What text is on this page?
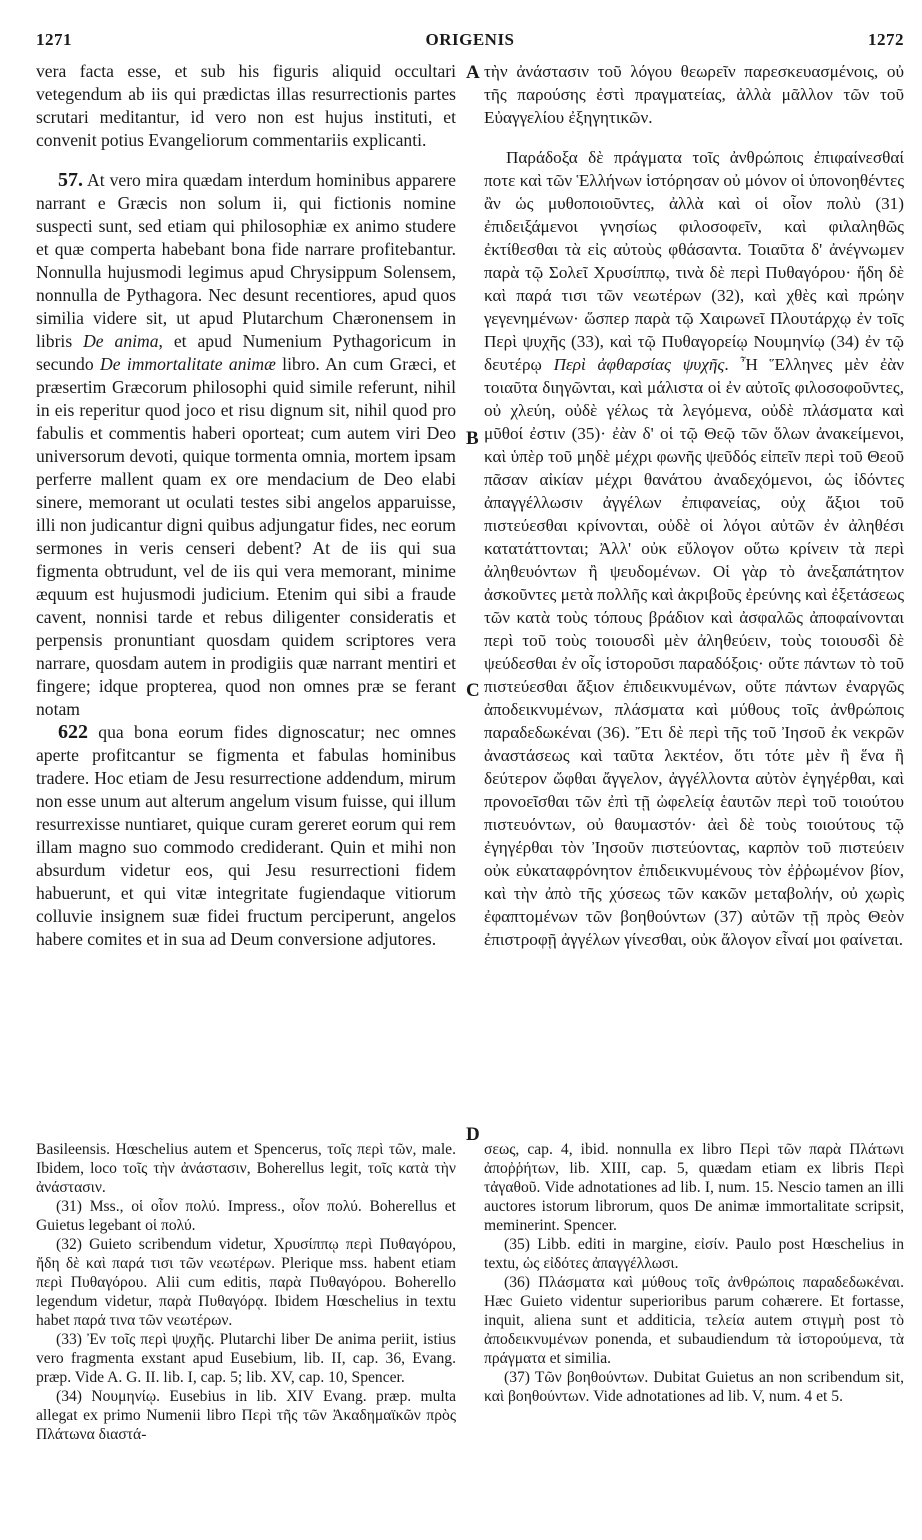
1271	ORIGENIS	1272

vera facta esse, et sub his figuris aliquid occultari vetegendum ab iis qui prædictas illas resurrectionis partes scrutari meditantur, id vero non est hujus instituti, et convenit potius Evangeliorum commentariis explicanti.

57. At vero mira quædam interdum hominibus apparere narrant e Græcis non solum ii, qui fictionis nomine suspecti sunt, sed etiam qui philosophiæ ex animo studere et quæ comperta habebant bona fide narrare profitebantur. Nonnulla hujusmodi legimus apud Chrysippum Solensem, nonnulla de Pythagora. Nec desunt recentiores, apud quos similia videre sit, ut apud Plutarchum Chæronensem in libris De anima, et apud Numenium Pythagoricum in secundo De immortalitate animæ libro. An cum Græci, et præsertim Græcorum philosophi quid simile referunt, nihil in eis reperitur quod joco et risu dignum sit, nihil quod pro fabulis et commentis haberi oporteat; cum autem viri Deo universorum devoti, quique tormenta omnia, mortem ipsam perferre mallent quam ex ore mendacium de Deo elabi sinere, memorant ut oculati testes sibi angelos apparuisse, illi non judicantur digni quibus adjungatur fides, nec eorum sermones in veris censeri debent? At de iis qui sua figmenta obtrudunt, vel de iis qui vera memorant, minime æquum est hujusmodi judicium. Etenim qui sibi a fraude cavent, nonnisi tarde et rebus diligenter consideratis et perpensis pronuntiant quosdam quidem scriptores vera narrare, quosdam autem in prodigiis quæ narrant mentiri et fingere; idque propterea, quod non omnes præ se ferant notam

622 qua bona eorum fides dignoscatur; nec omnes aperte profitcantur se figmenta et fabulas hominibus tradere. Hoc etiam de Jesu resurrectione addendum, mirum non esse unum aut alterum angelum visum fuisse, qui illum resurrexisse nuntiaret, quique curam gereret eorum qui rem illam magno suo commodo crediderant. Quin et mihi non absurdum videtur eos, qui Jesu resurrectioni fidem habuerunt, et qui vitæ integritate fugiendaque vitiorum colluvie insignem suæ fidei fructum perciperunt, angelos habere comites et in sua ad Deum conversione adjutores.

A
B
C
D

τὴν ἀνάστασιν τοῦ λόγου θεωρεῖν παρεσκευασμένοις, οὐ τῆς παρούσης ἐστὶ πραγματείας, ἀλλὰ μᾶλλον τῶν τοῦ Εὐαγγελίου ἐξηγητικῶν.

Παράδοξα δὲ πράγματα τοῖς ἀνθρώποις ἐπιφαίνεσθαί ποτε καὶ τῶν Ἑλλήνων ἱστόρησαν οὐ μόνον οἱ ὑπονοηθέντες ἂν ὡς μυθοποιοῦντες, ἀλλὰ καὶ οἱ οἷον πολὺ (31) ἐπιδειξάμενοι γνησίως φιλοσοφεῖν, καὶ φιλαληθῶς ἐκτίθεσθαι τὰ εἰς αὐτοὺς φθάσαντα. Τοιαῦτα δ' ἀνέγνωμεν παρὰ τῷ Σολεῖ Χρυσίππῳ, τινὰ δὲ περὶ Πυθαγόρου· ἤδη δὲ καὶ παρά τισι τῶν νεωτέρων (32), καὶ χθὲς καὶ πρώην γεγενημένων· ὥσπερ παρὰ τῷ Χαιρωνεῖ Πλουτάρχῳ ἐν τοῖς Περὶ ψυχῆς (33), καὶ τῷ Πυθαγορείῳ Νουμηνίῳ (34) ἐν τῷ δευτέρῳ Περὶ ἀφθαρσίας ψυχῆς. Ἦ Ἕλληνες μὲν ἐὰν τοιαῦτα διηγῶνται, καὶ μάλιστα οἱ ἐν αὐτοῖς φιλοσοφοῦντες, οὐ χλεύη, οὐδὲ γέλως τὰ λεγόμενα, οὐδὲ πλάσματα καὶ μῦθοί ἐστιν (35)· ἐὰν δ' οἱ τῷ Θεῷ τῶν ὅλων ἀνακείμενοι, καὶ ὑπὲρ τοῦ μηδὲ μέχρι φωνῆς ψεῦδός εἰπεῖν περὶ τοῦ Θεοῦ πᾶσαν αἰκίαν μέχρι θανάτου ἀναδεχόμενοι, ὡς ἰδόντες ἀπαγγέλλωσιν ἀγγέλων ἐπιφανείας, οὐχ ἄξιοι τοῦ πιστεύεσθαι κρίνονται, οὐδὲ οἱ λόγοι αὐτῶν ἐν ἀληθέσι κατατάττονται; Ἀλλ' οὐκ εὔλογον οὕτω κρίνειν τὰ περὶ ἀληθευόντων ἢ ψευδομένων. Οἱ γὰρ τὸ ἀνεξαπάτητον ἀσκοῦντες μετὰ πολλῆς καὶ ἀκριβοῦς ἐρεύνης καὶ ἐξετάσεως τῶν κατὰ τοὺς τόπους βράδιον καὶ ἀσφαλῶς ἀποφαίνονται περὶ τοῦ τοὺς τοιουσδὶ μὲν ἀληθεύειν, τοὺς τοιουσδὶ δὲ ψεύδεσθαι ἐν οἷς ἱστοροῦσι παραδόξοις· οὔτε πάντων τὸ τοῦ πιστεύεσθαι ἄξιον ἐπιδεικνυμένων, οὔτε πάντων ἐναργῶς ἀποδεικνυμένων, πλάσματα καὶ μύθους τοῖς ἀνθρώποις παραδεδωκέναι (36). Ἔτι δὲ περὶ τῆς τοῦ Ἰησοῦ ἐκ νεκρῶν ἀναστάσεως καὶ ταῦτα λεκτέον, ὅτι τότε μὲν ἢ ἕνα ἢ δεύτερον ὤφθαι ἄγγελον, ἀγγέλλοντα αὐτὸν ἐγηγέρθαι, καὶ προνοεῖσθαι τῶν ἐπὶ τῇ ὠφελείᾳ ἑαυτῶν περὶ τοῦ τοιούτου πιστευόντων, οὐ θαυμαστόν· ἀεὶ δὲ τοὺς τοιούτους τῷ ἐγηγέρθαι τὸν Ἰησοῦν πιστεύοντας, καρπὸν τοῦ πιστεύειν οὐκ εὐκαταφρόνητον ἐπιδεικνυμένους τὸν ἐῤῥωμένον βίον, καὶ τὴν ἀπὸ τῆς χύσεως τῶν κακῶν μεταβολήν, οὐ χωρὶς ἐφαπτομένων τῶν βοηθούντων (37) αὐτῶν τῇ πρὸς Θεὸν ἐπιστροφῇ ἀγγέλων γίνεσθαι, οὐκ ἄλογον εἶναί μοι φαίνεται.

Basileensis. Hœschelius autem et Spencerus, τοῖς περὶ τῶν, male. Ibidem, loco τοῖς τὴν ἀνάστασιν, Boherellus legit, τοῖς κατὰ τὴν ἀνάστασιν.

(31) Mss., οἱ οἷον πολύ. Impress., οἷον πολύ. Boherellus et Guietus legebant οἱ πολύ.

(32) Guieto scribendum videtur, Χρυσίππῳ περὶ Πυθαγόρου, ἤδη δὲ καὶ παρά τισι τῶν νεωτέρων. Plerique mss. habent etiam περὶ Πυθαγόρου. Alii cum editis, παρὰ Πυθαγόρου. Boherello legendum videtur, παρὰ Πυθαγόρᾳ. Ibidem Hœschelius in textu habet παρά τινα τῶν νεωτέρων.

(33) Ἐν τοῖς περὶ ψυχῆς. Plutarchi liber De anima periit, istius vero fragmenta exstant apud Eusebium, lib. II, cap. 36, Evang. præp. Vide A. G. II. lib. I, cap. 5; lib. XV, cap. 10, Spencer.

(34) Νουμηνίῳ. Eusebius in lib. XIV Evang. præp. multa allegat ex primo Numenii libro Περὶ τῆς τῶν Ἀκαδημαϊκῶν πρὸς Πλάτωνα διαστά-

σεως, cap. 4, ibid. nonnulla ex libro Περὶ τῶν παρὰ Πλάτωνι ἀποῤῥήτων, lib. XIII, cap. 5, quædam etiam ex libris Περὶ τἀγαθοῦ. Vide adnotationes ad lib. I, num. 15. Nescio tamen an illi auctores istorum librorum, quos De animæ immortalitate scripsit, meminerint. Spencer.

(35) Libb. editi in margine, εἰσίν. Paulo post Hœschelius in textu, ὡς εἰδότες ἀπαγγέλλωσι.

(36) Πλάσματα καὶ μύθους τοῖς ἀνθρώποις παραδεδωκέναι. Hæc Guieto videntur superioribus parum cohærere. Et fortasse, inquit, aliena sunt et additicia, τελεία autem στιγμὴ post τὸ ἀποδεικνυμένων ponenda, et subaudiendum τὰ ἱστορούμενα, τὰ πράγματα et similia.

(37) Τῶν βοηθούντων. Dubitat Guietus an non scribendum sit, καὶ βοηθούντων. Vide adnotationes ad lib. V, num. 4 et 5.
